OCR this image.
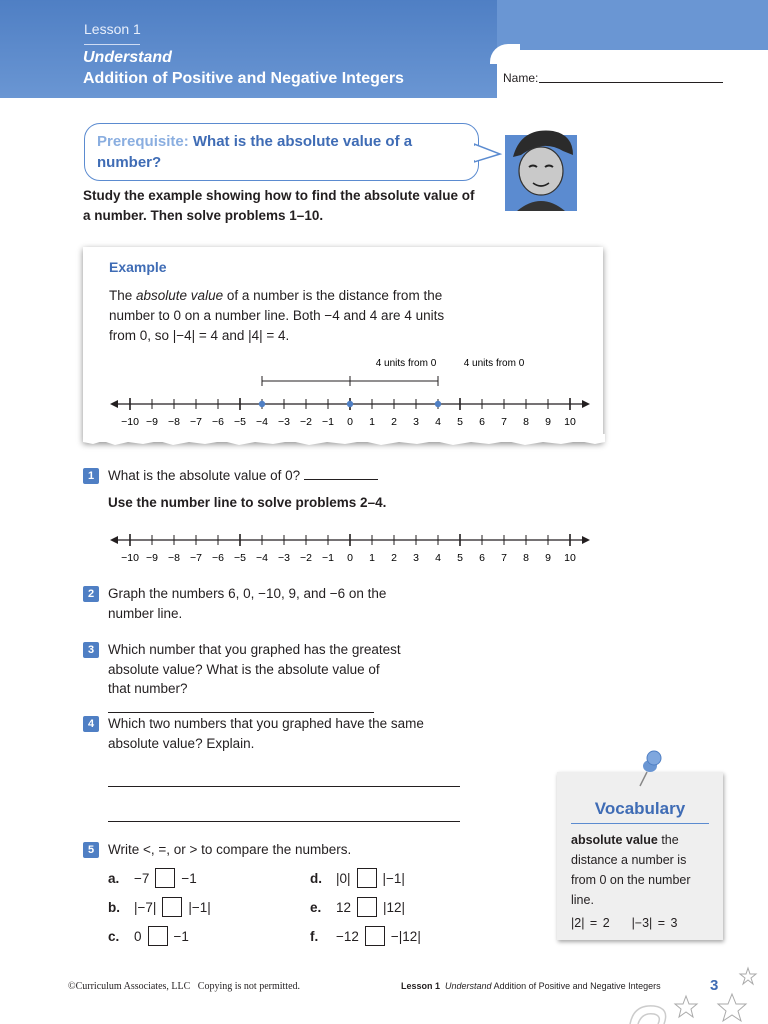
Lesson 1
Understand
Addition of Positive and Negative Integers	Name:
Prerequisite: What is the absolute value of a number?
Study the example showing how to find the absolute value of a number. Then solve problems 1–10.
Example
The absolute value of a number is the distance from the number to 0 on a number line. Both −4 and 4 are 4 units from 0, so |−4| = 4 and |4| = 4.
4 units from 0	4 units from 0
−10 −9 −8 −7 −6 −5 −4 −3 −2 −1 0 1 2 3 4 5 6 7 8 9 10
1	What is the absolute value of 0?
Use the number line to solve problems 2–4.
−10 −9 −8 −7 −6 −5 −4 −3 −2 −1 0 1 2 3 4 5 6 7 8 9 10
2	Graph the numbers 6, 0, −10, 9, and −6 on the number line.
3	Which number that you graphed has the greatest absolute value? What is the absolute value of
that number?
4	Which two numbers that you graphed have the same absolute value? Explain.
5	Write <, =, or > to compare the numbers.
a.	−7 −1
b.	|−7| |−1|
c.	0 −1
d.	|0| |−1|
e.	12 |12|
f.	−12 −|12|
Vocabulary
absolute value the distance a number is from 0 on the number line.
|2| = 2 |−3| = 3
©Curriculum Associates, LLC   Copying is not permitted.	Lesson 1 Understand Addition of Positive and Negative Integers	3
